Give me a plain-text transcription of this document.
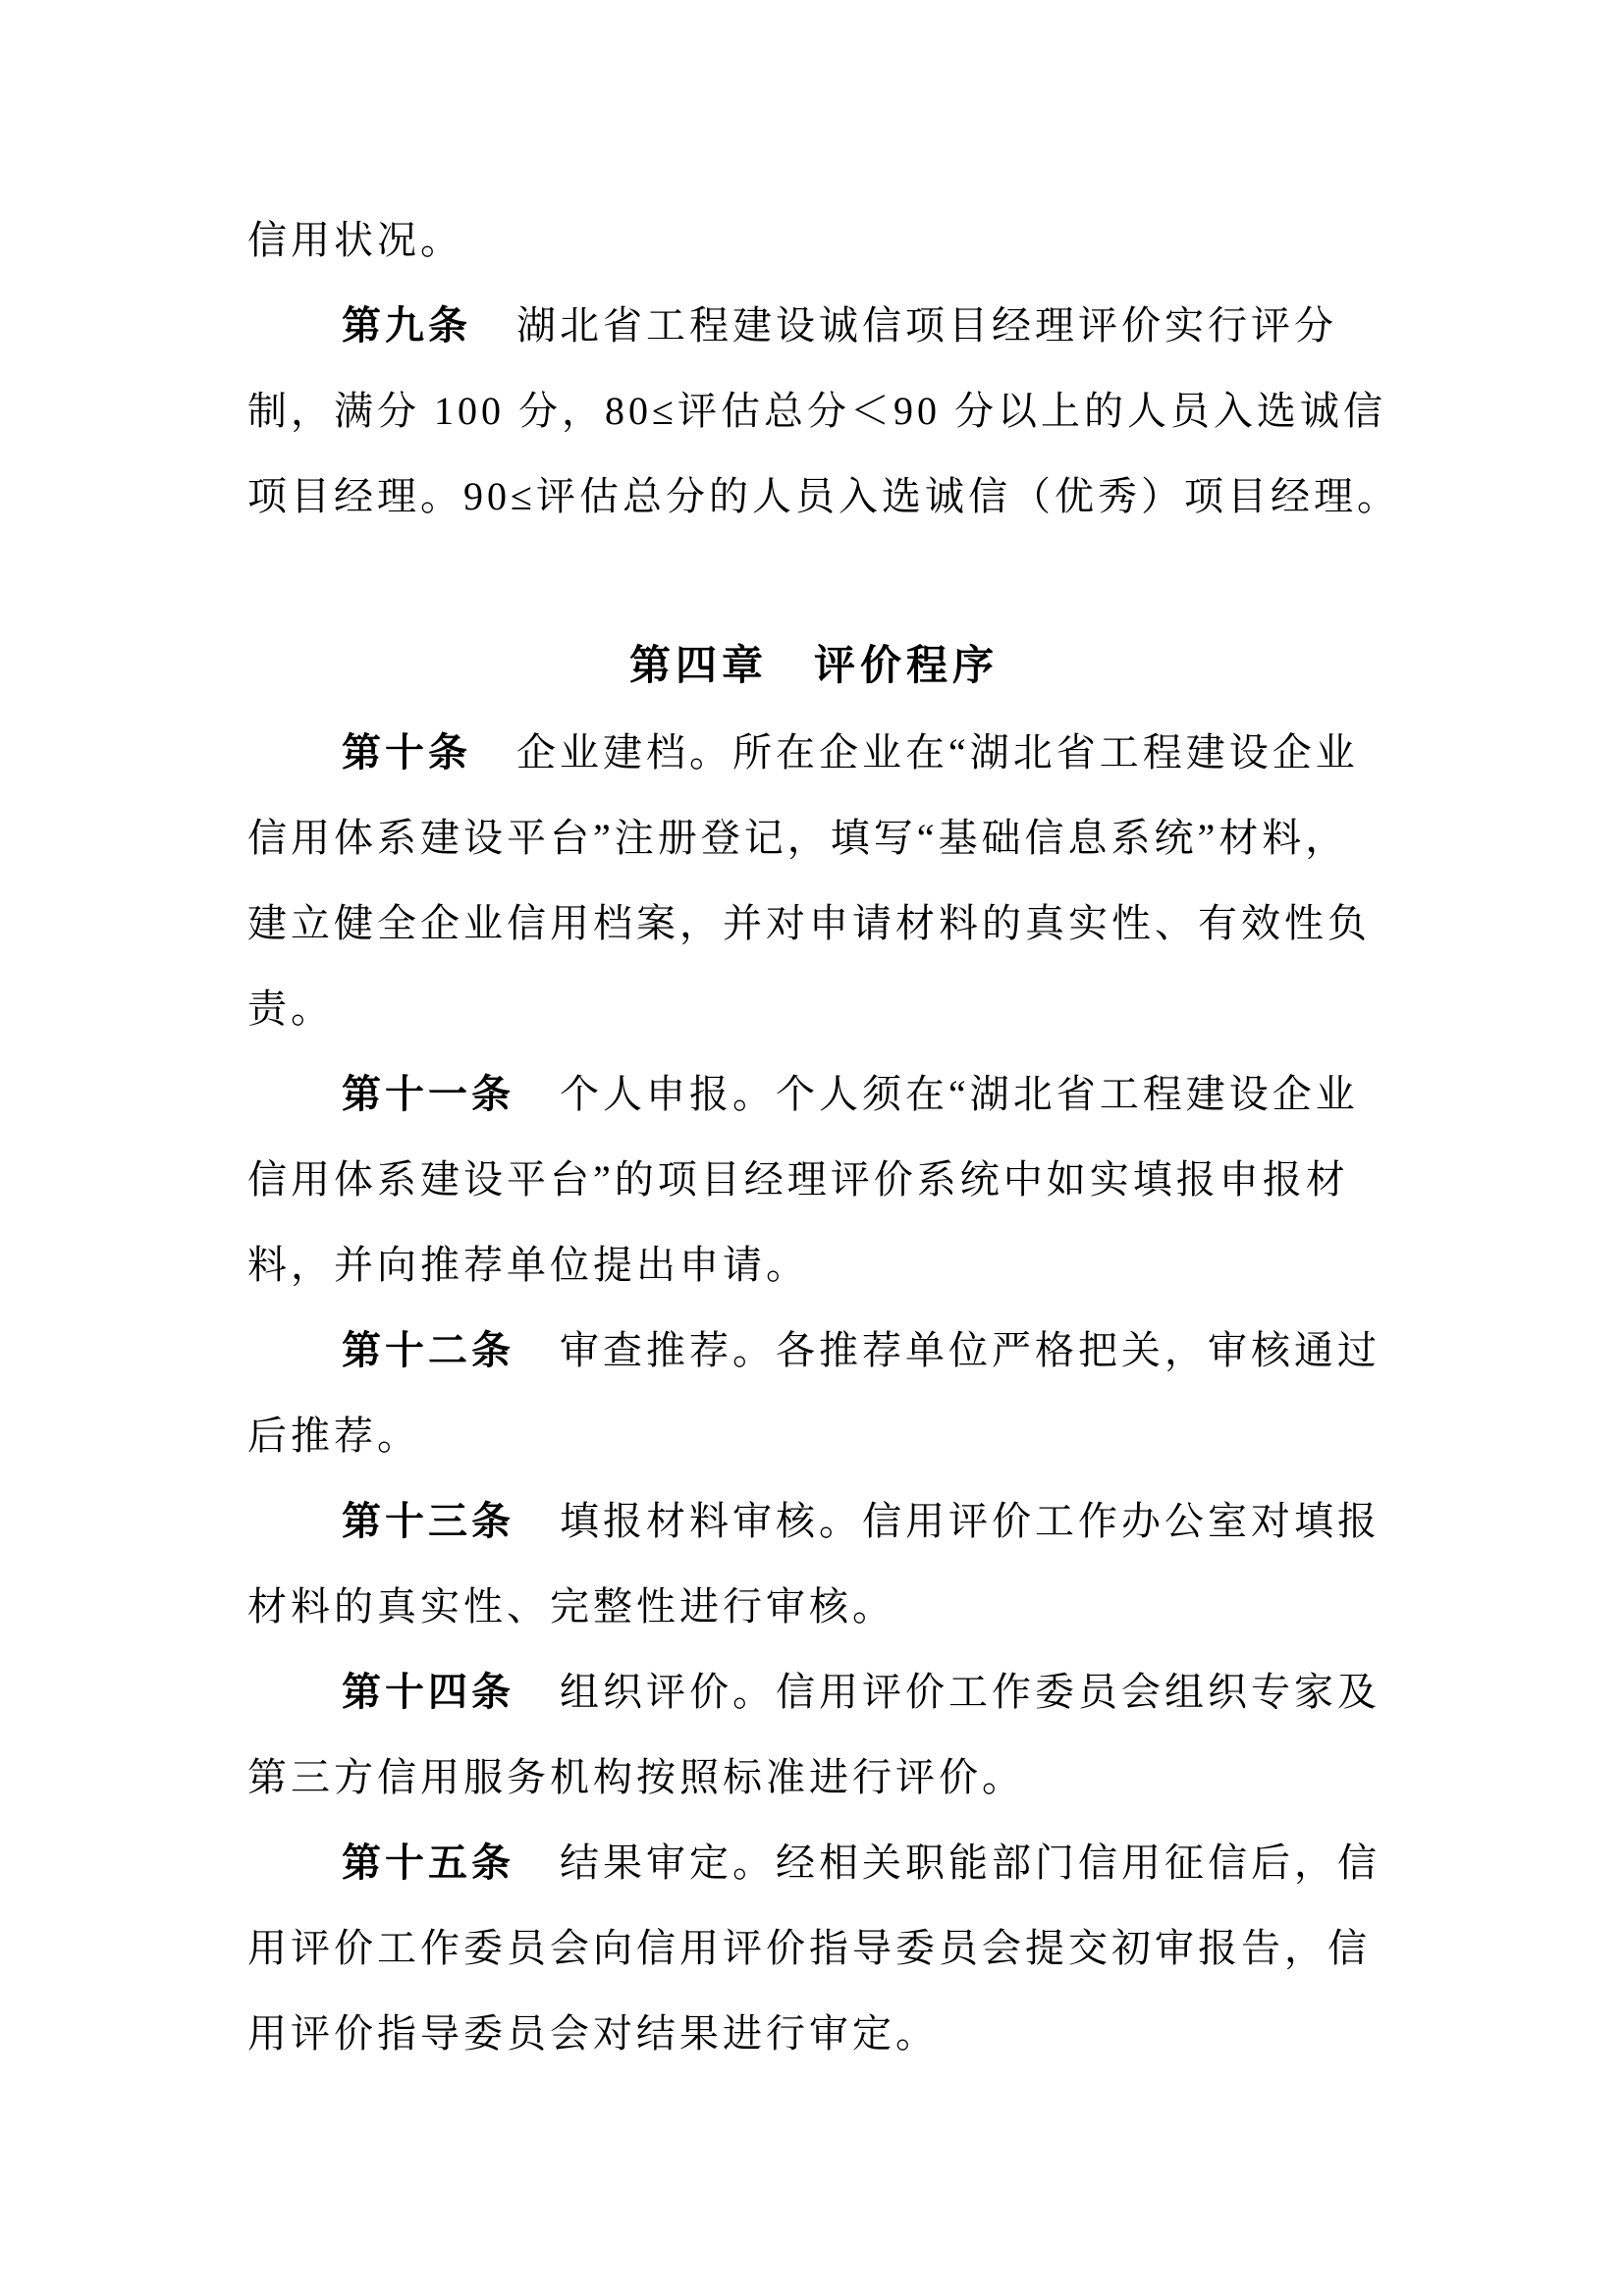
信用状况。
第九条 湖北省工程建设诚信项目经理评价实行评分
制，满分 100 分，80≤评估总分＜90 分以上的人员入选诚信
项目经理。90≤评估总分的人员入选诚信（优秀）项目经理。
第四章　评价程序
第十条 企业建档。所在企业在“湖北省工程建设企业
信用体系建设平台”注册登记，填写“基础信息系统”材料，
建立健全企业信用档案，并对申请材料的真实性、有效性负
责。
第十一条 个人申报。个人须在“湖北省工程建设企业
信用体系建设平台”的项目经理评价系统中如实填报申报材
料，并向推荐单位提出申请。
第十二条 审查推荐。各推荐单位严格把关，审核通过
后推荐。
第十三条 填报材料审核。信用评价工作办公室对填报
材料的真实性、完整性进行审核。
第十四条 组织评价。信用评价工作委员会组织专家及
第三方信用服务机构按照标准进行评价。
第十五条 结果审定。经相关职能部门信用征信后，信
用评价工作委员会向信用评价指导委员会提交初审报告，信
用评价指导委员会对结果进行审定。
